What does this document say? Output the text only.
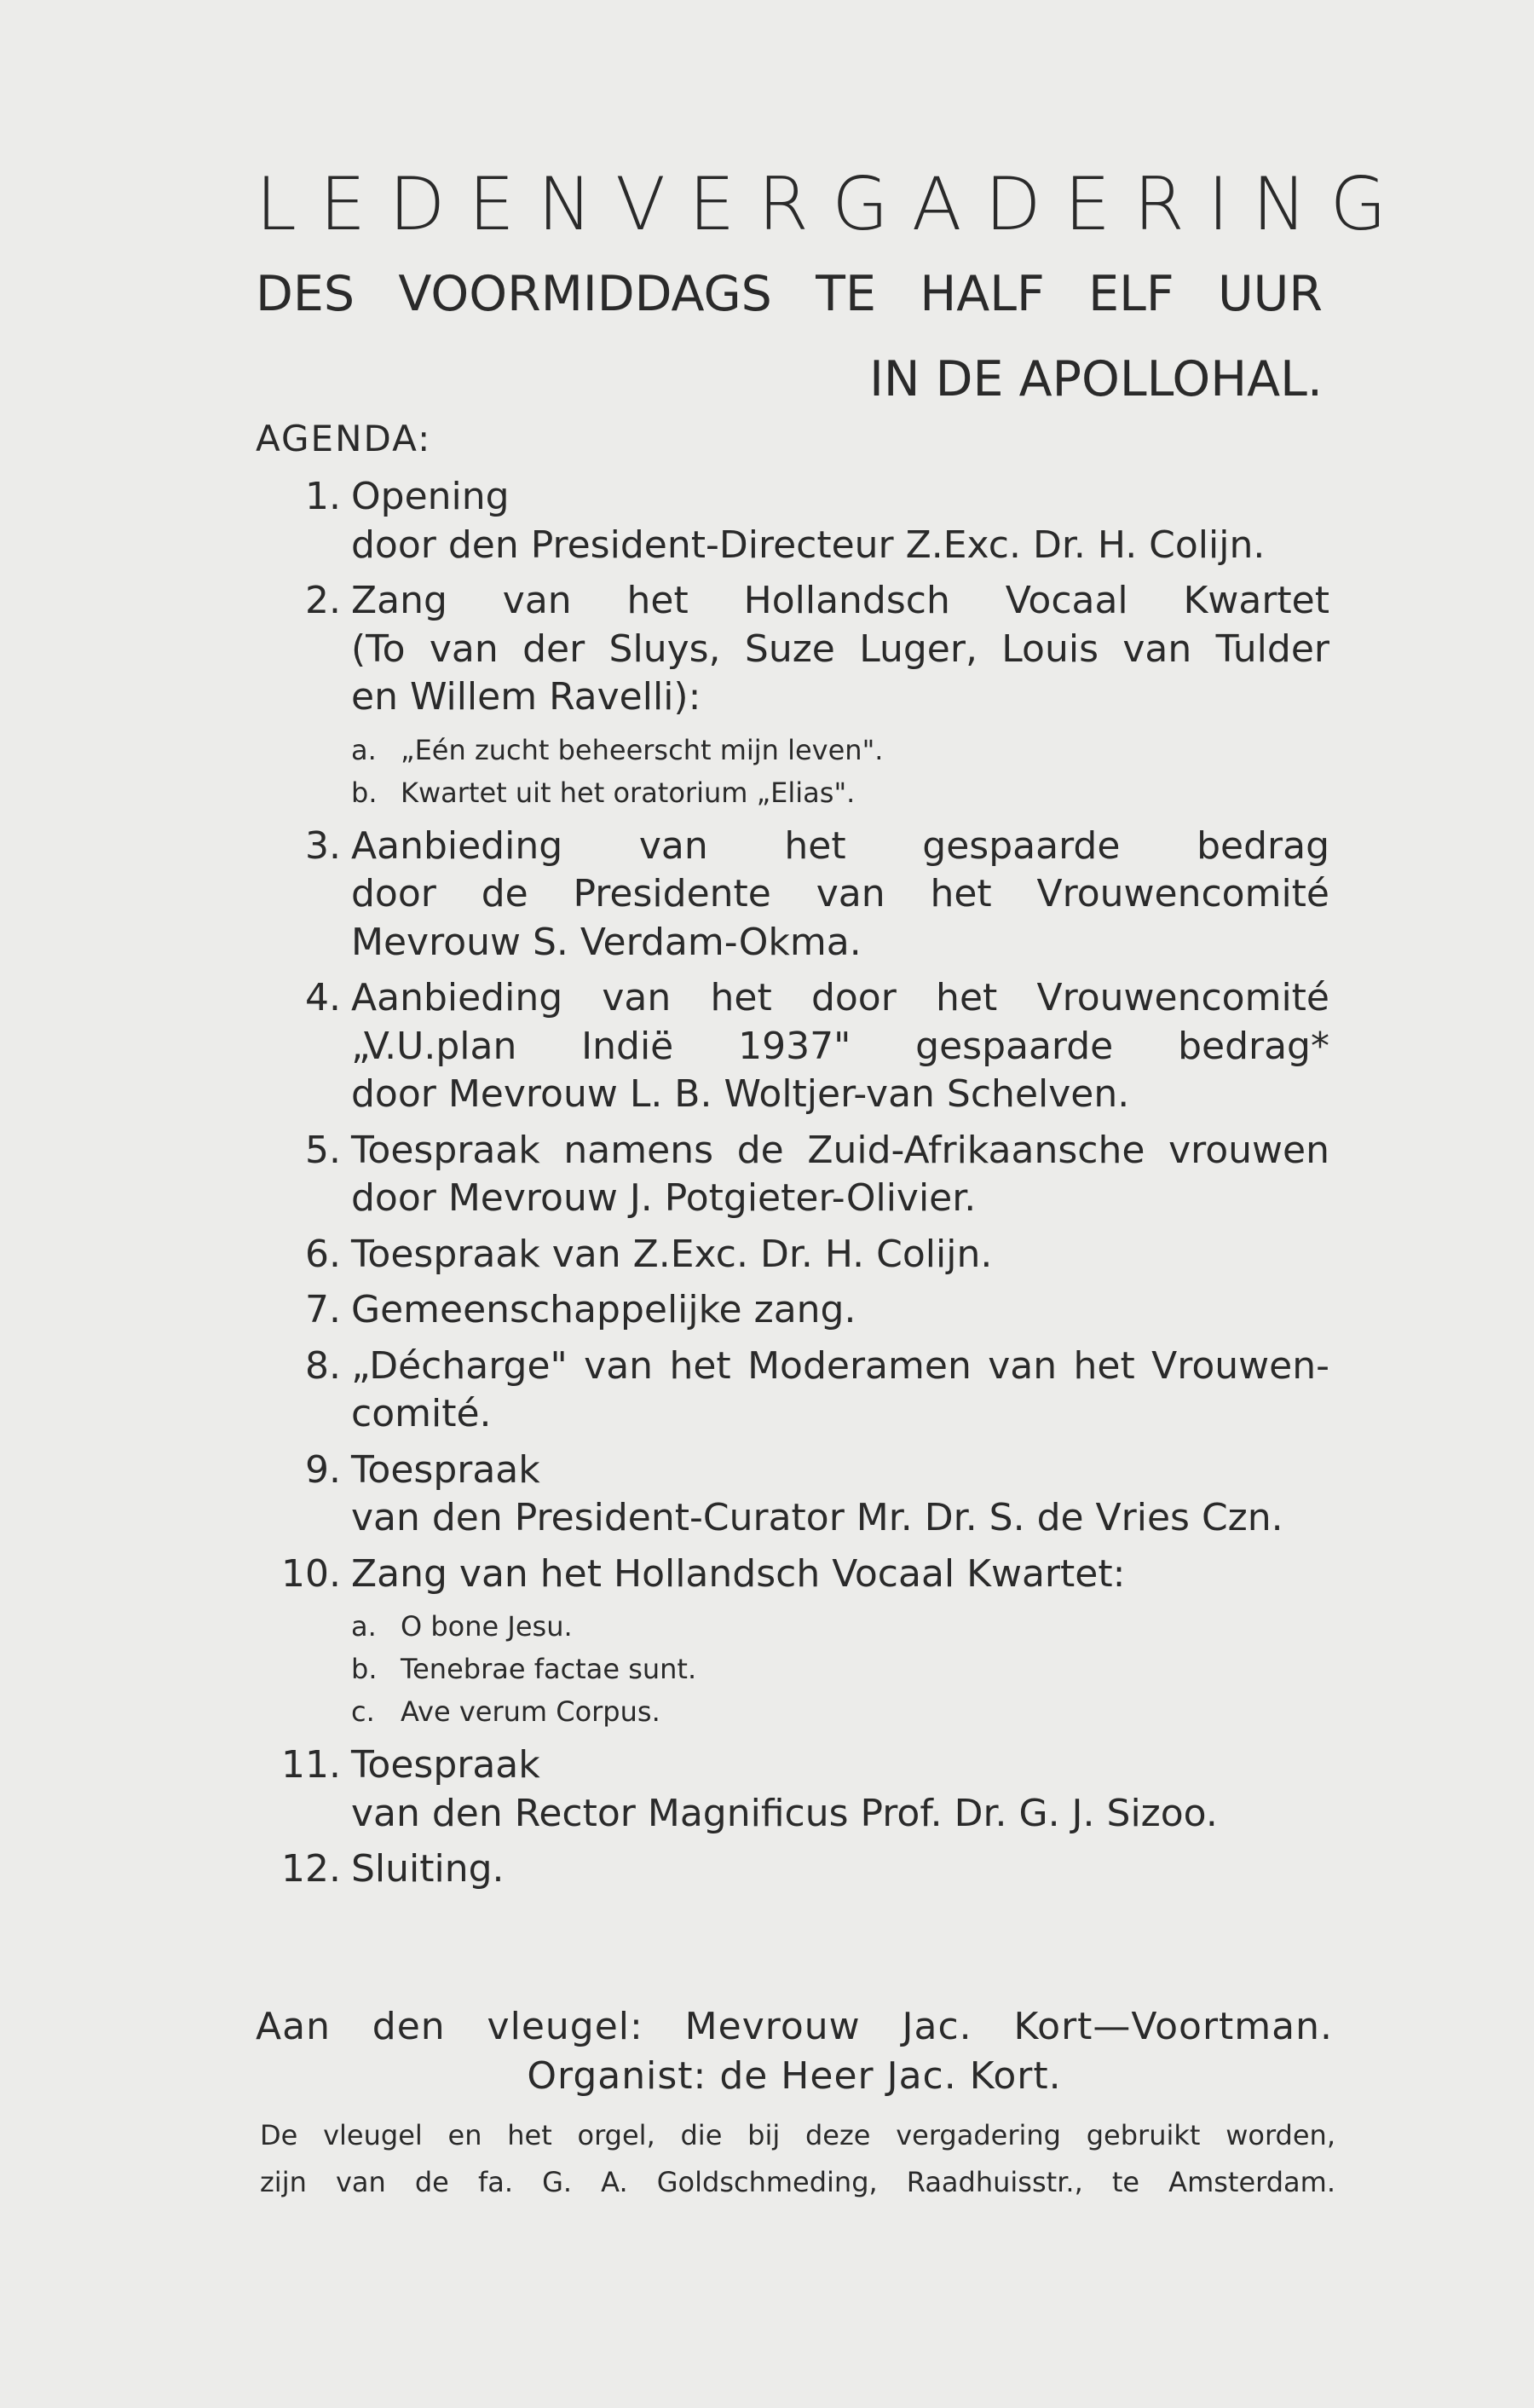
LEDENVERGADERING
DES VOORMIDDAGS TE HALF ELF UUR
IN DE APOLLOHAL.
AGENDA:
1. Opening
door den President-Directeur Z.Exc. Dr. H. Colijn.
2. Zang van het Hollandsch Vocaal Kwartet
(To van der Sluys, Suze Luger, Louis van Tulder
en Willem Ravelli):
a. „Eén zucht beheerscht mijn leven".
b. Kwartet uit het oratorium „Elias".
3. Aanbieding van het gespaarde bedrag
door de Presidente van het Vrouwencomité
Mevrouw S. Verdam-Okma.
4. Aanbieding van het door het Vrouwencomité
„V.U.plan Indië 1937" gespaarde bedrag*
door Mevrouw L. B. Woltjer-van Schelven.
5. Toespraak namens de Zuid-Afrikaansche vrouwen
door Mevrouw J. Potgieter-Olivier.
6. Toespraak van Z.Exc. Dr. H. Colijn.
7. Gemeenschappelijke zang.
8. „Décharge" van het Moderamen van het Vrouwen-
comité.
9. Toespraak
van den President-Curator Mr. Dr. S. de Vries Czn.
10. Zang van het Hollandsch Vocaal Kwartet:
a. O bone Jesu.
b. Tenebrae factae sunt.
c. Ave verum Corpus.
11. Toespraak
van den Rector Magnificus Prof. Dr. G. J. Sizoo.
12. Sluiting.
Aan den vleugel: Mevrouw Jac. Kort—Voortman.
Organist: de Heer Jac. Kort.
De vleugel en het orgel, die bij deze vergadering gebruikt worden,
zijn van de fa. G. A. Goldschmeding, Raadhuisstr., te Amsterdam.
